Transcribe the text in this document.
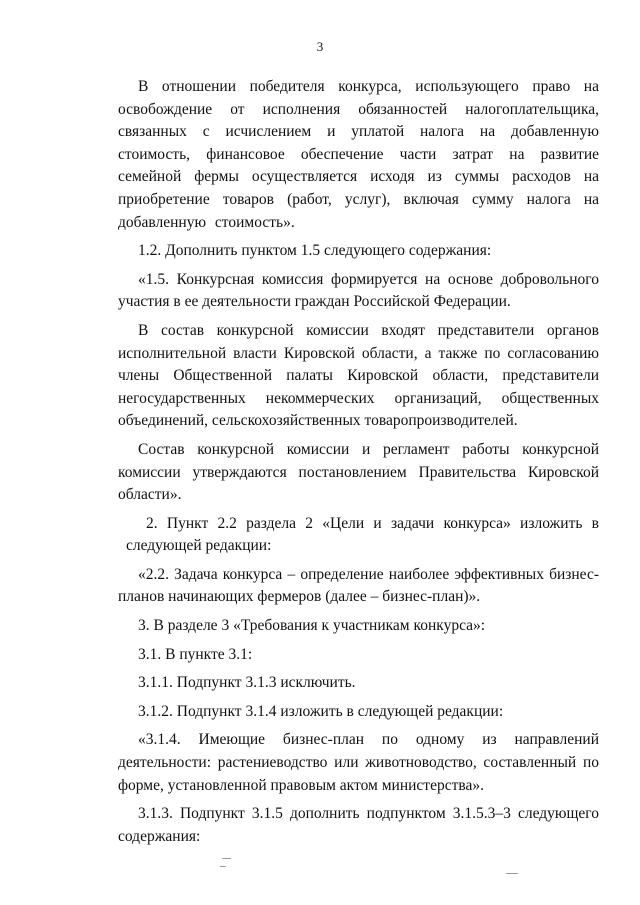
3

В отношении победителя конкурса, использующего право на освобождение от исполнения обязанностей налогоплательщика, связанных с исчислением и уплатой налога на добавленную стоимость, финансовое обеспечение части затрат на развитие семейной фермы осуществляется исходя из суммы расходов на приобретение товаров (работ, услуг), включая сумму налога на добавленную стоимость».

1.2. Дополнить пунктом 1.5 следующего содержания:

«1.5. Конкурсная комиссия формируется на основе добровольного участия в ее деятельности граждан Российской Федерации.

В состав конкурсной комиссии входят представители органов исполнительной власти Кировской области, а также по согласованию члены Общественной палаты Кировской области, представители негосударственных некоммерческих организаций, общественных объединений, сельскохозяйственных товаропроизводителей.

Состав конкурсной комиссии и регламент работы конкурсной комиссии утверждаются постановлением Правительства Кировской области».

2. Пункт 2.2 раздела 2 «Цели и задачи конкурса» изложить в следующей редакции:

«2.2. Задача конкурса – определение наиболее эффективных бизнес-планов начинающих фермеров (далее – бизнес-план)».

3. В разделе 3 «Требования к участникам конкурса»:

3.1. В пункте 3.1:

3.1.1. Подпункт 3.1.3 исключить.

3.1.2. Подпункт 3.1.4 изложить в следующей редакции:

«3.1.4. Имеющие бизнес-план по одному из направлений деятельности: растениеводство или животноводство, составленный по форме, установленной правовым актом министерства».

3.1.3. Подпункт 3.1.5 дополнить подпунктом 3.1.5.3–3 следующего содержания:
